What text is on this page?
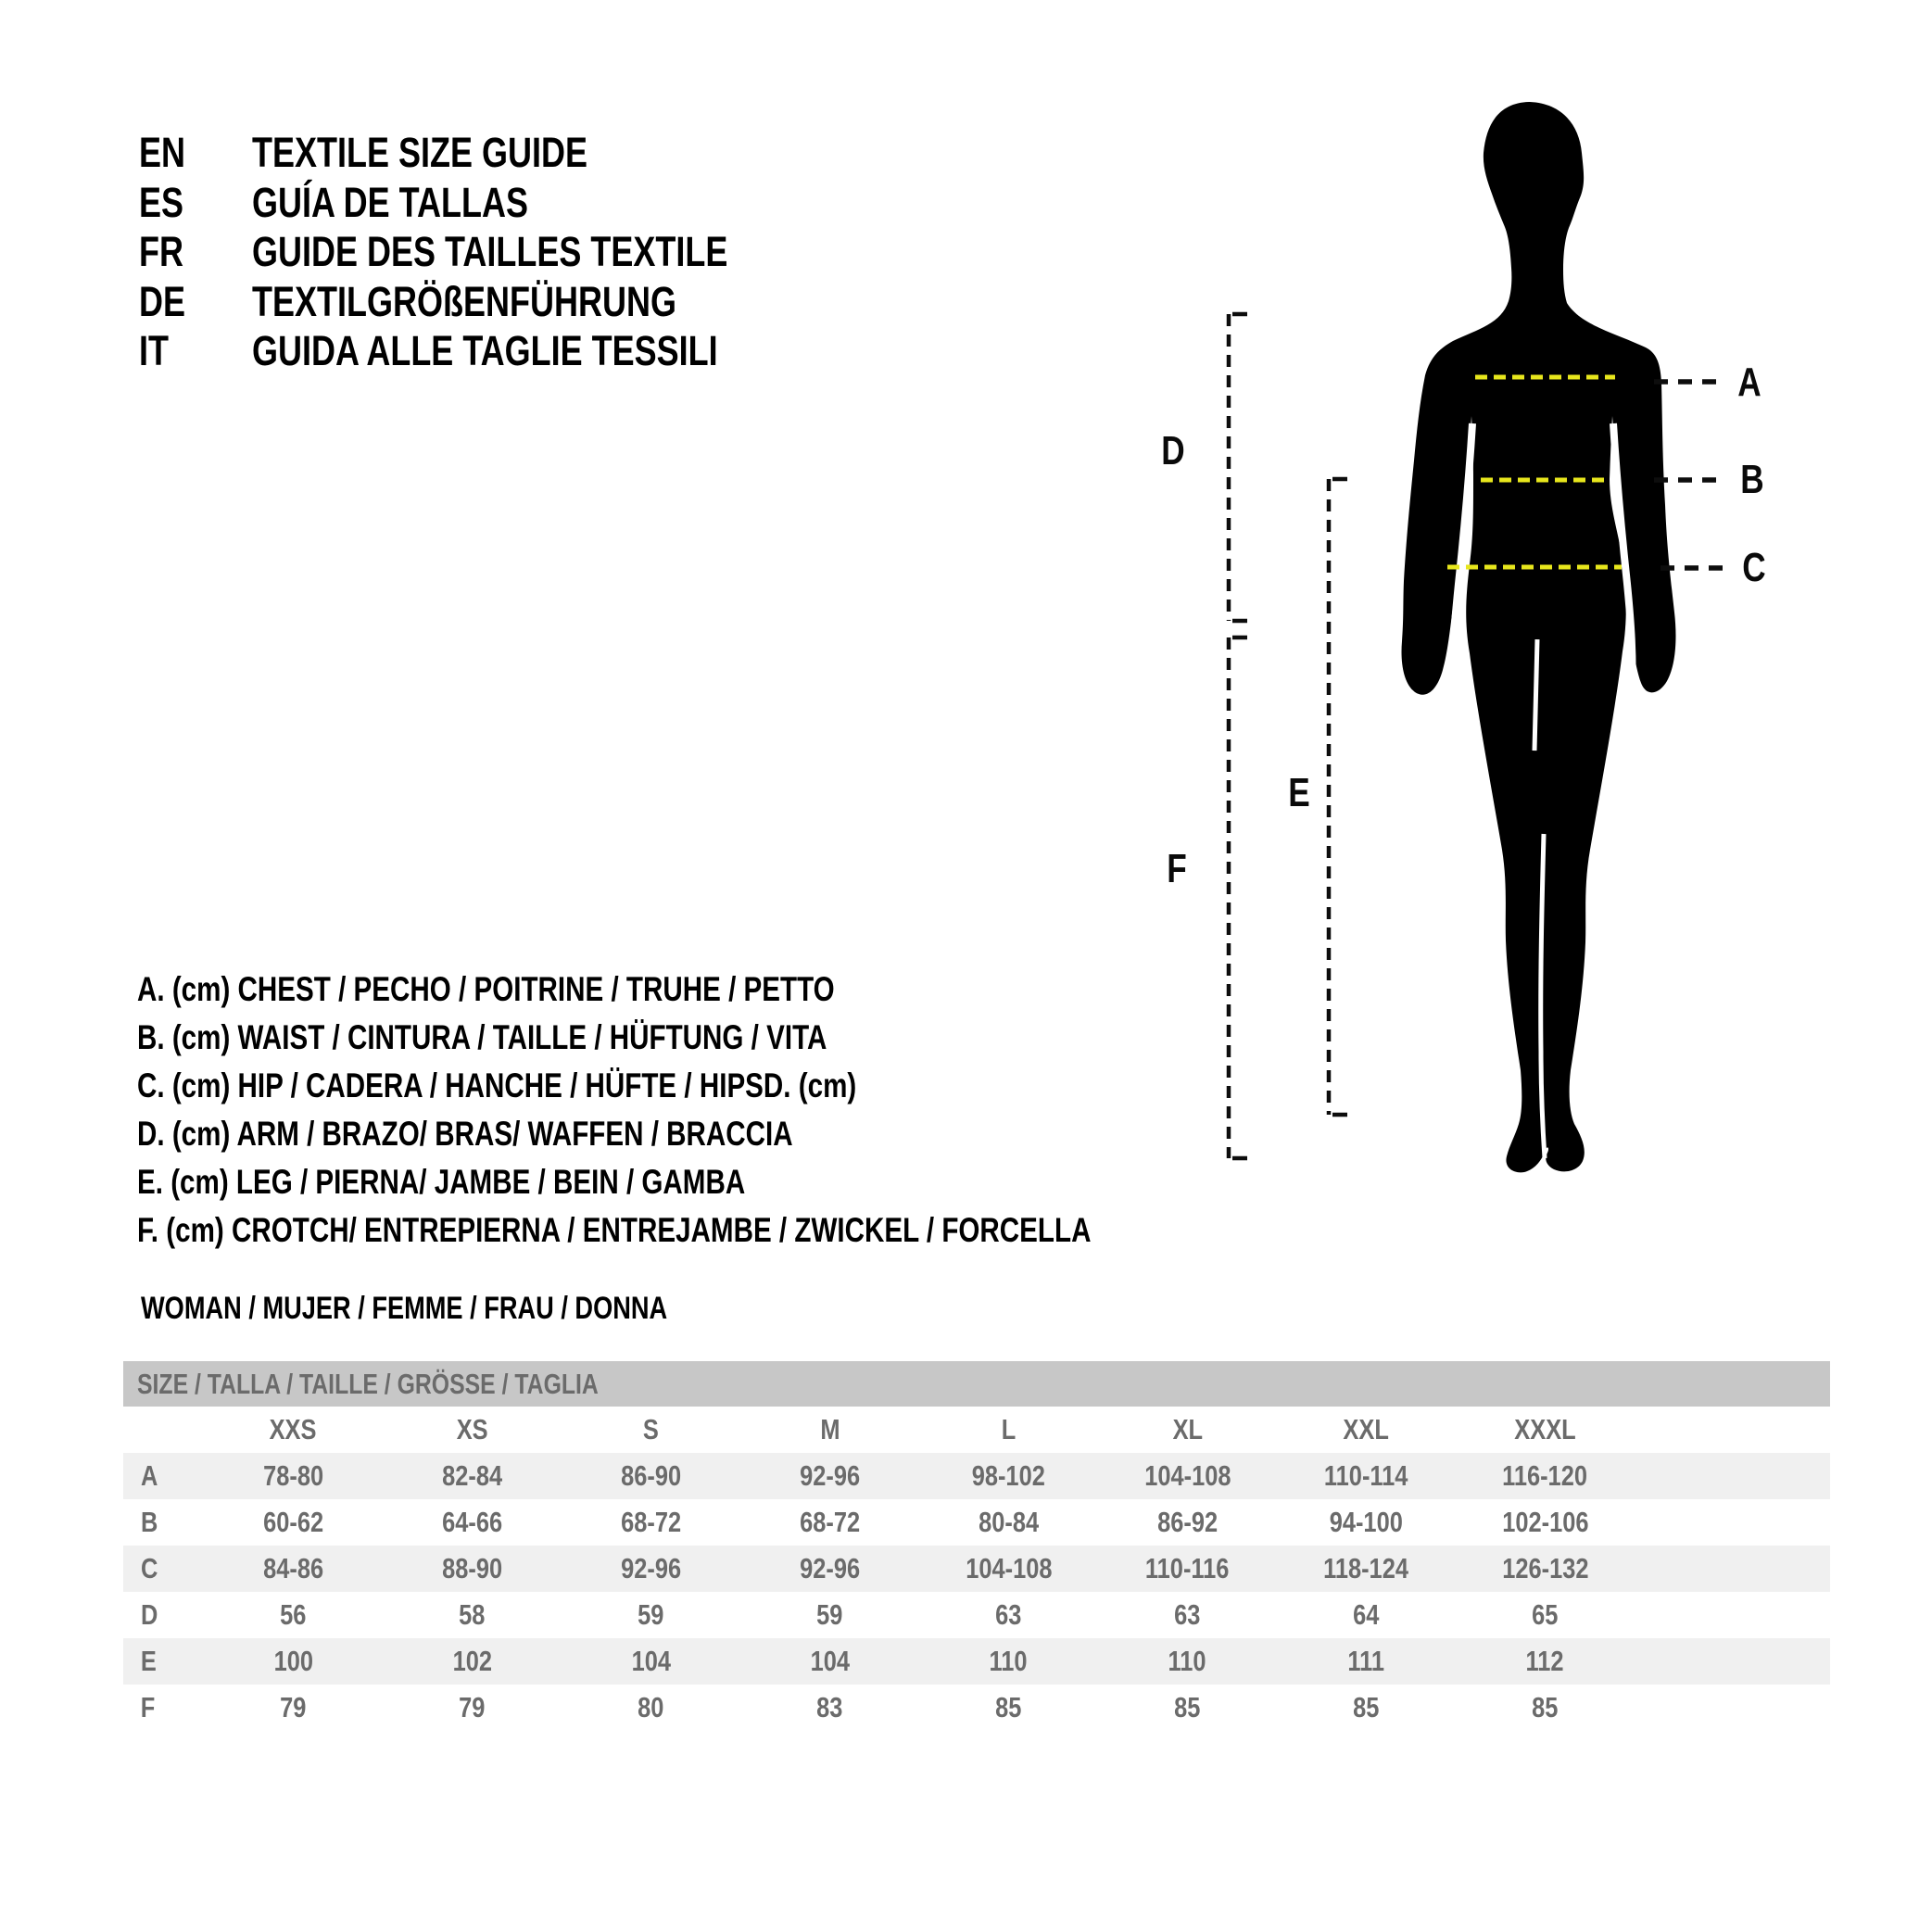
EN TEXTILE SIZE GUIDE
ES GUÍA DE TALLAS
FR GUIDE DES TAILLES TEXTILE
DE TEXTILGRÖßENFÜHRUNG
IT GUIDA ALLE TAGLIE TESSILI
A
B
C
D
E
F
A. (cm) CHEST / PECHO / POITRINE / TRUHE / PETTO
B. (cm) WAIST / CINTURA / TAILLE / HÜFTUNG / VITA
C. (cm) HIP / CADERA / HANCHE / HÜFTE / HIPSD. (cm)
D. (cm) ARM / BRAZO/ BRAS/ WAFFEN / BRACCIA
E. (cm) LEG / PIERNA/ JAMBE / BEIN / GAMBA
F. (cm) CROTCH/ ENTREPIERNA / ENTREJAMBE / ZWICKEL / FORCELLA
WOMAN / MUJER / FEMME / FRAU / DONNA
SIZE / TALLA / TAILLE / GRÖSSE / TAGLIA
XXS	XS	S	M	L	XL	XXL	XXXL
A	78-80	82-84	86-90	92-96	98-102	104-108	110-114	116-120
B	60-62	64-66	68-72	68-72	80-84	86-92	94-100	102-106
C	84-86	88-90	92-96	92-96	104-108	110-116	118-124	126-132
D	56	58	59	59	63	63	64	65
E	100	102	104	104	110	110	111	112
F	79	79	80	83	85	85	85	85
